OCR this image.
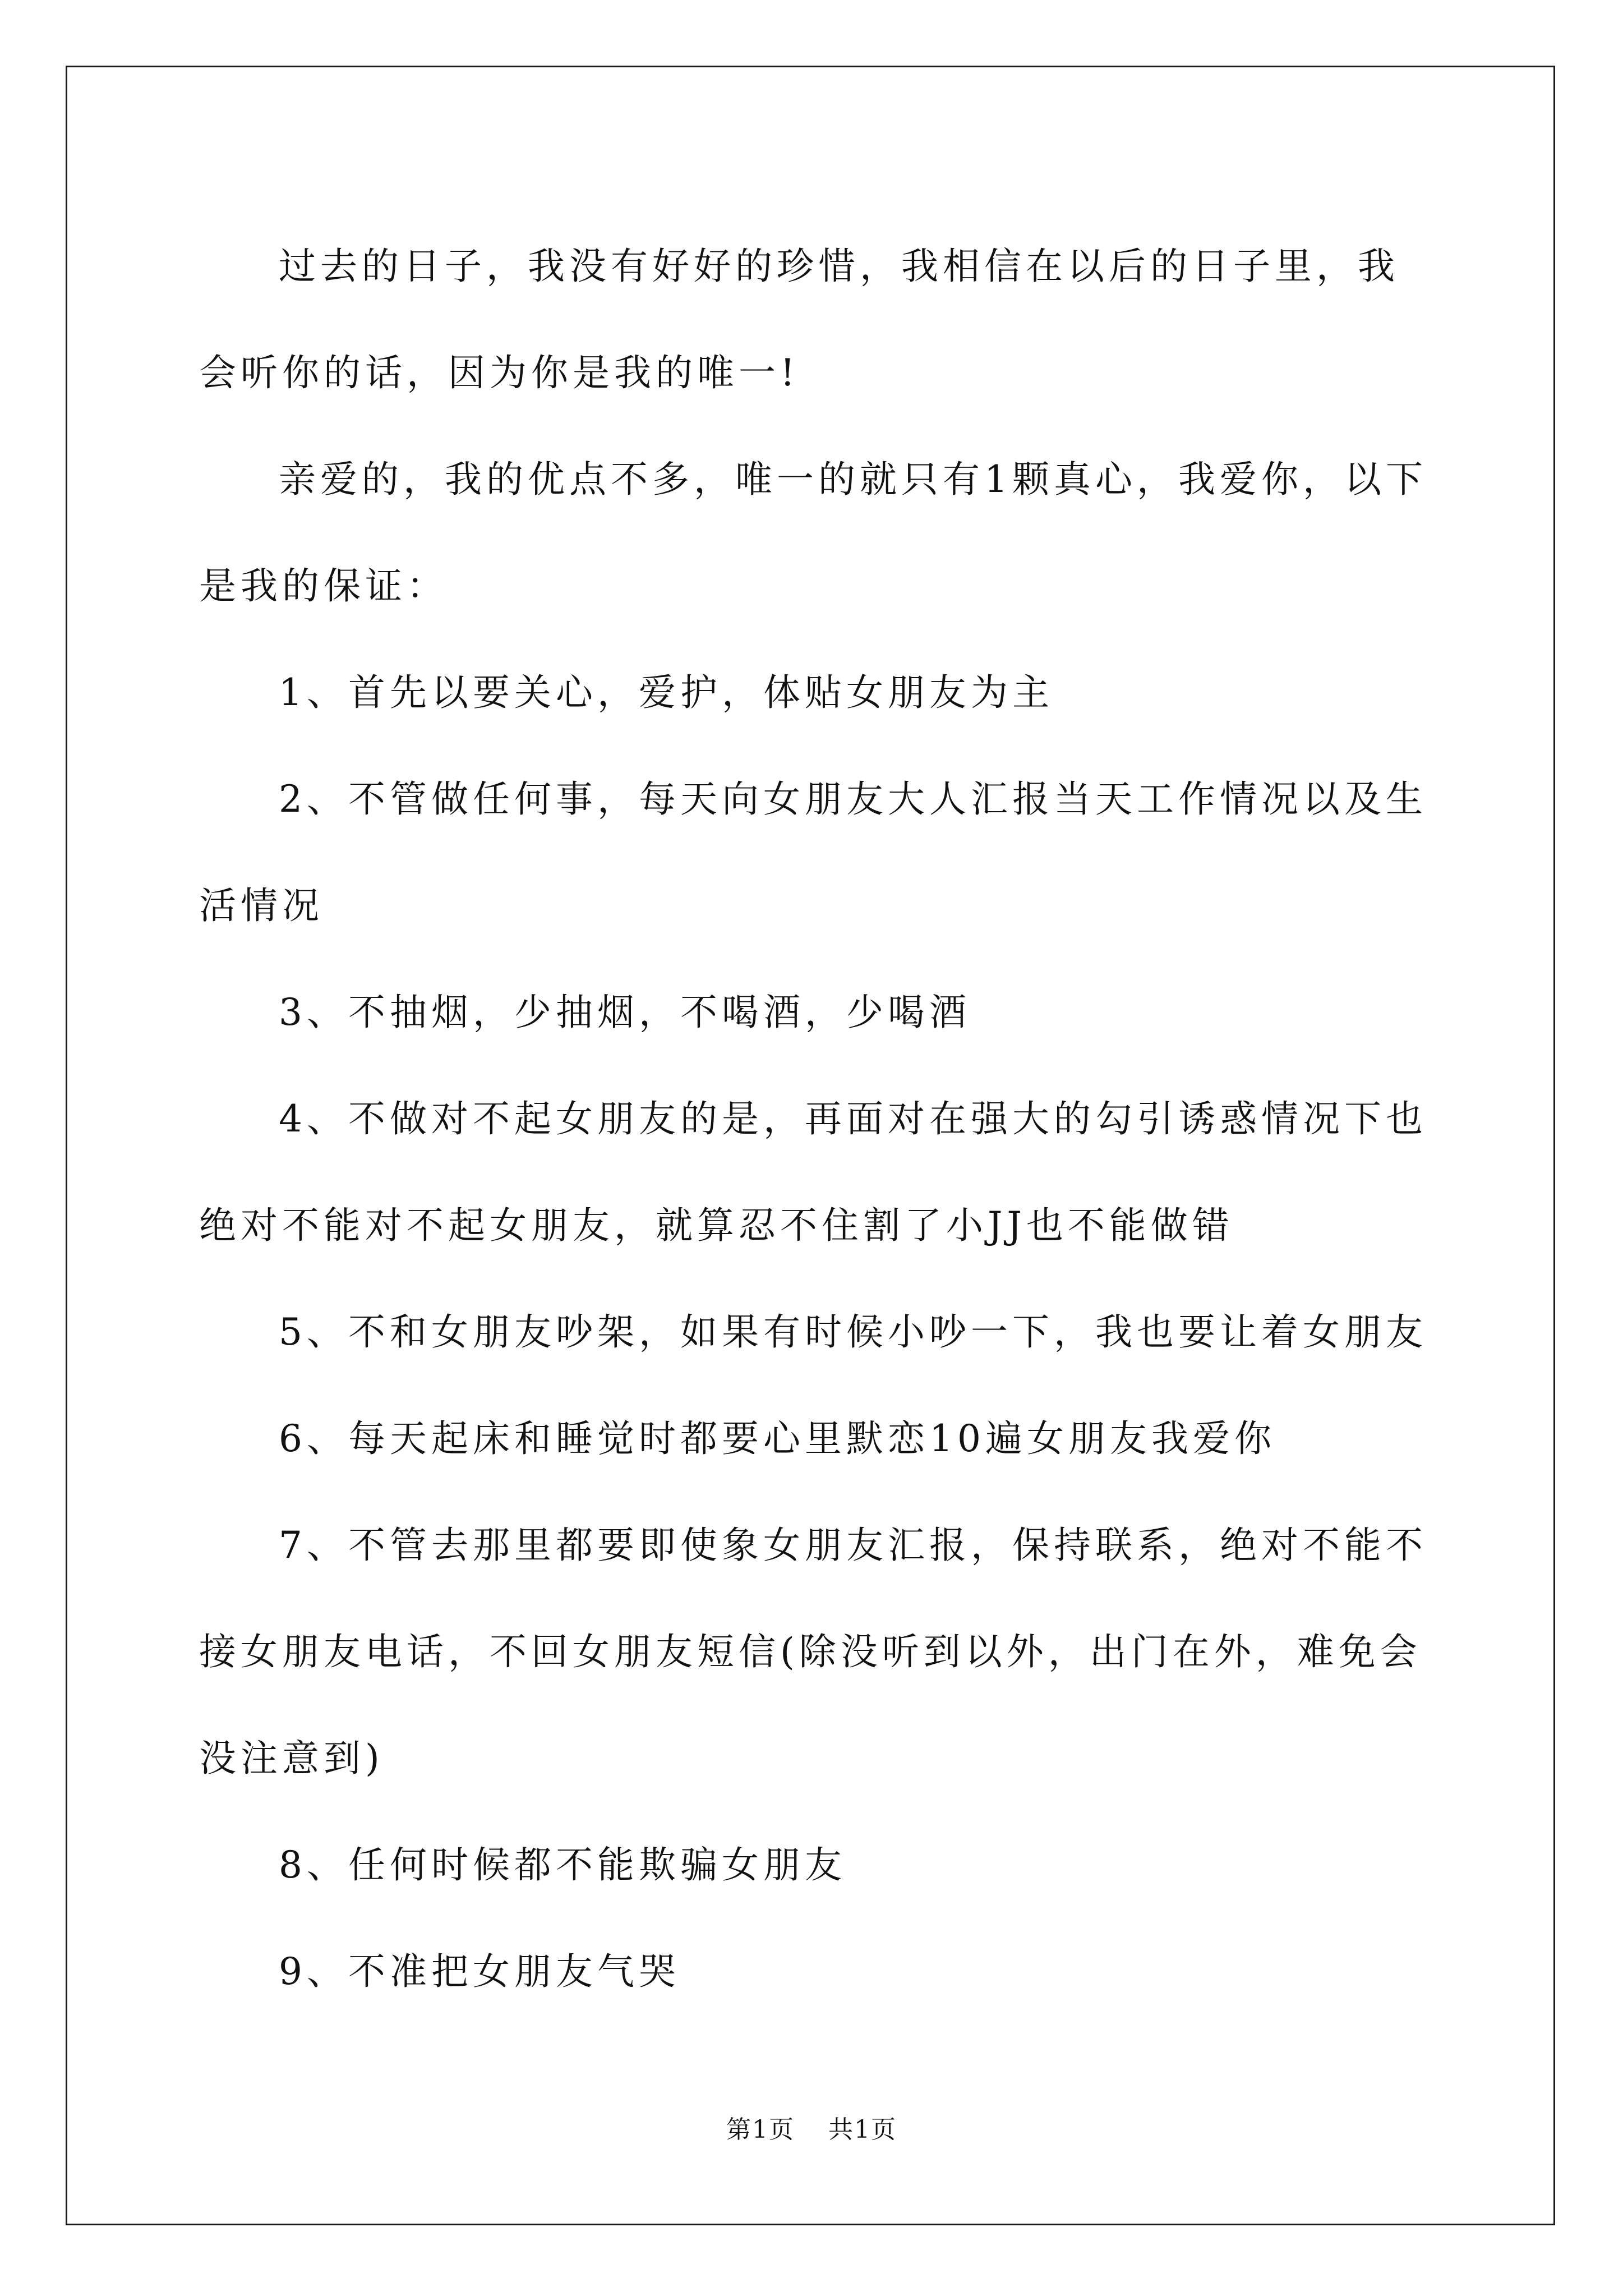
过去的日子，我没有好好的珍惜，我相信在以后的日子里，我会听你的话，因为你是我的唯一!

亲爱的，我的优点不多，唯一的就只有1颗真心，我爱你，以下是我的保证：

1、首先以要关心，爱护，体贴女朋友为主

2、不管做任何事，每天向女朋友大人汇报当天工作情况以及生活情况

3、不抽烟，少抽烟，不喝酒，少喝酒

4、不做对不起女朋友的是，再面对在强大的勾引诱惑情况下也绝对不能对不起女朋友，就算忍不住割了小JJ也不能做错

5、不和女朋友吵架，如果有时候小吵一下，我也要让着女朋友

6、每天起床和睡觉时都要心里默恋10遍女朋友我爱你

7、不管去那里都要即使象女朋友汇报，保持联系，绝对不能不接女朋友电话，不回女朋友短信(除没听到以外，出门在外，难免会没注意到)

8、任何时候都不能欺骗女朋友

9、不准把女朋友气哭

第1页 共1页
